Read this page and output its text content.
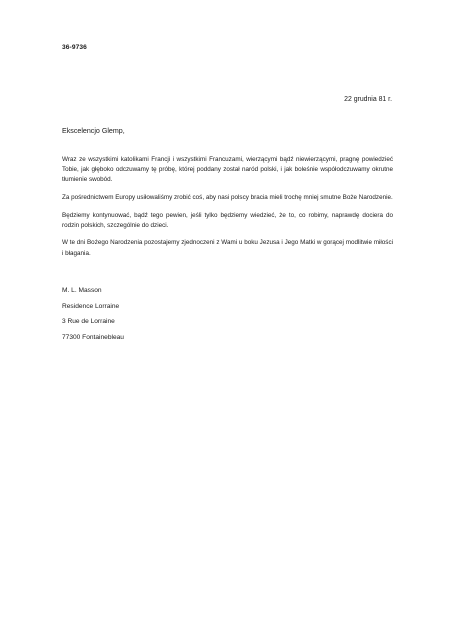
36-9736
22 grudnia 81 r.
Ekscelencjo Glemp,

Wraz ze wszystkimi katolikami Francji i wszystkimi Francuzami, wierzącymi bądź niewierzącymi, pragnę powiedzieć Tobie, jak głęboko odczuwamy tę próbę, której poddany został naród polski, i jak boleśnie współodczuwamy okrutne tłumienie swobód.

Za pośrednictwem Europy usiłowaliśmy zrobić coś, aby nasi polscy bracia mieli trochę mniej smutne Boże Narodzenie.

Będziemy kontynuować, bądź tego pewien, jeśli tylko będziemy wiedzieć, że to, co robimy, naprawdę dociera do rodzin polskich, szczególnie do dzieci.

W te dni Bożego Narodzenia pozostajemy zjednoczeni z Wami u boku Jezusa i Jego Matki w gorącej modlitwie miłości i błagania.

M. L. Masson
Residence Lorraine
3 Rue de Lorraine
77300 Fontainebleau
